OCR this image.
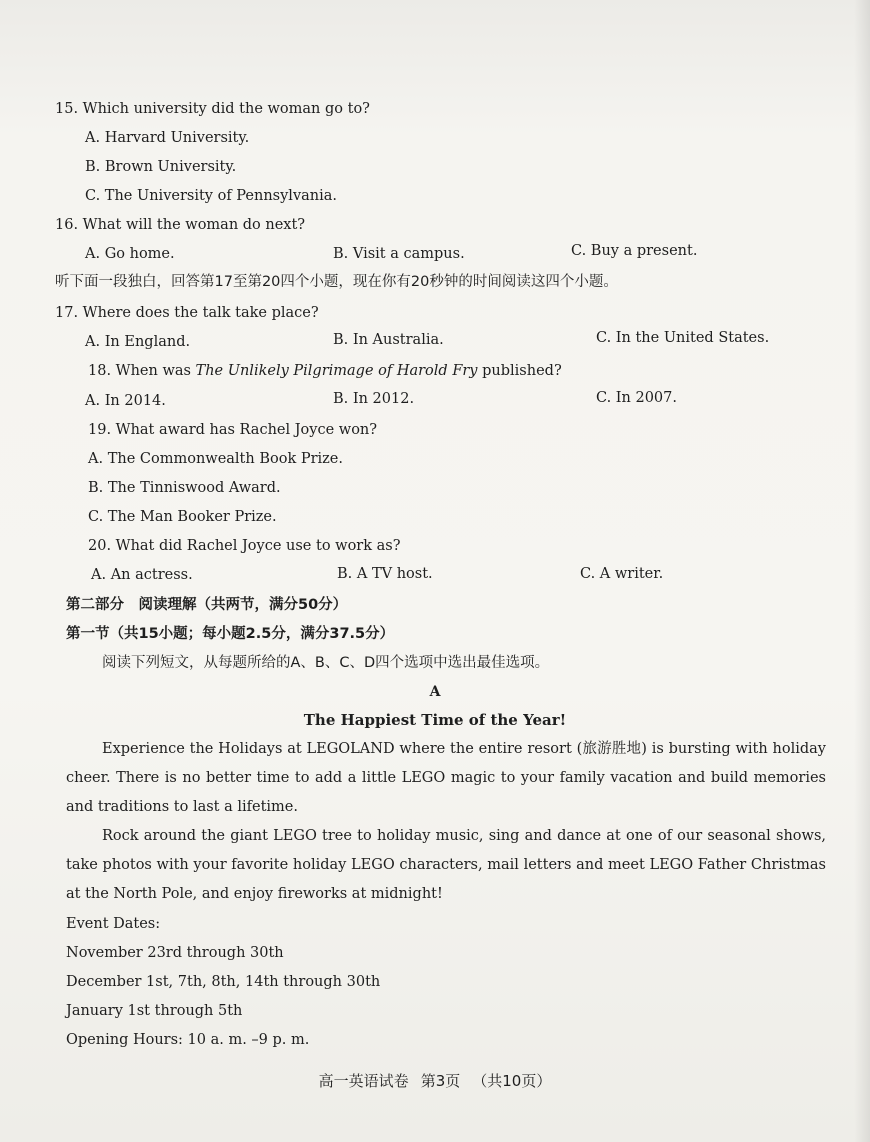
15. Which university did the woman go to?
A. Harvard University.
B. Brown University.
C. The University of Pennsylvania.
16. What will the woman do next?
A. Go home.	B. Visit a campus.	C. Buy a present.
听下面一段独白，回答第17至第20四个小题，现在你有20秒钟的时间阅读这四个小题。
17. Where does the talk take place?
A. In England.	B. In Australia.	C. In the United States.
18. When was The Unlikely Pilgrimage of Harold Fry published?
A. In 2014.	B. In 2012.	C. In 2007.
19. What award has Rachel Joyce won?
A. The Commonwealth Book Prize.
B. The Tinniswood Award.
C. The Man Booker Prize.
20. What did Rachel Joyce use to work as?
A. An actress.	B. A TV host.	C. A writer.
第二部分　阅读理解（共两节，满分50分）
第一节（共15小题；每小题2.5分，满分37.5分）
阅读下列短文，从每题所给的A、B、C、D四个选项中选出最佳选项。
A
The Happiest Time of the Year!
Experience the Holidays at LEGOLAND where the entire resort (旅游胜地) is bursting with holiday cheer. There is no better time to add a little LEGO magic to your family vacation and build memories and traditions to last a lifetime.
Rock around the giant LEGO tree to holiday music, sing and dance at one of our seasonal shows, take photos with your favorite holiday LEGO characters, mail letters and meet LEGO Father Christmas at the North Pole, and enjoy fireworks at midnight!
Event Dates:
November 23rd through 30th
December 1st, 7th, 8th, 14th through 30th
January 1st through 5th
Opening Hours: 10 a. m. –9 p. m.
高一英语试卷 第3页 （共10页）
